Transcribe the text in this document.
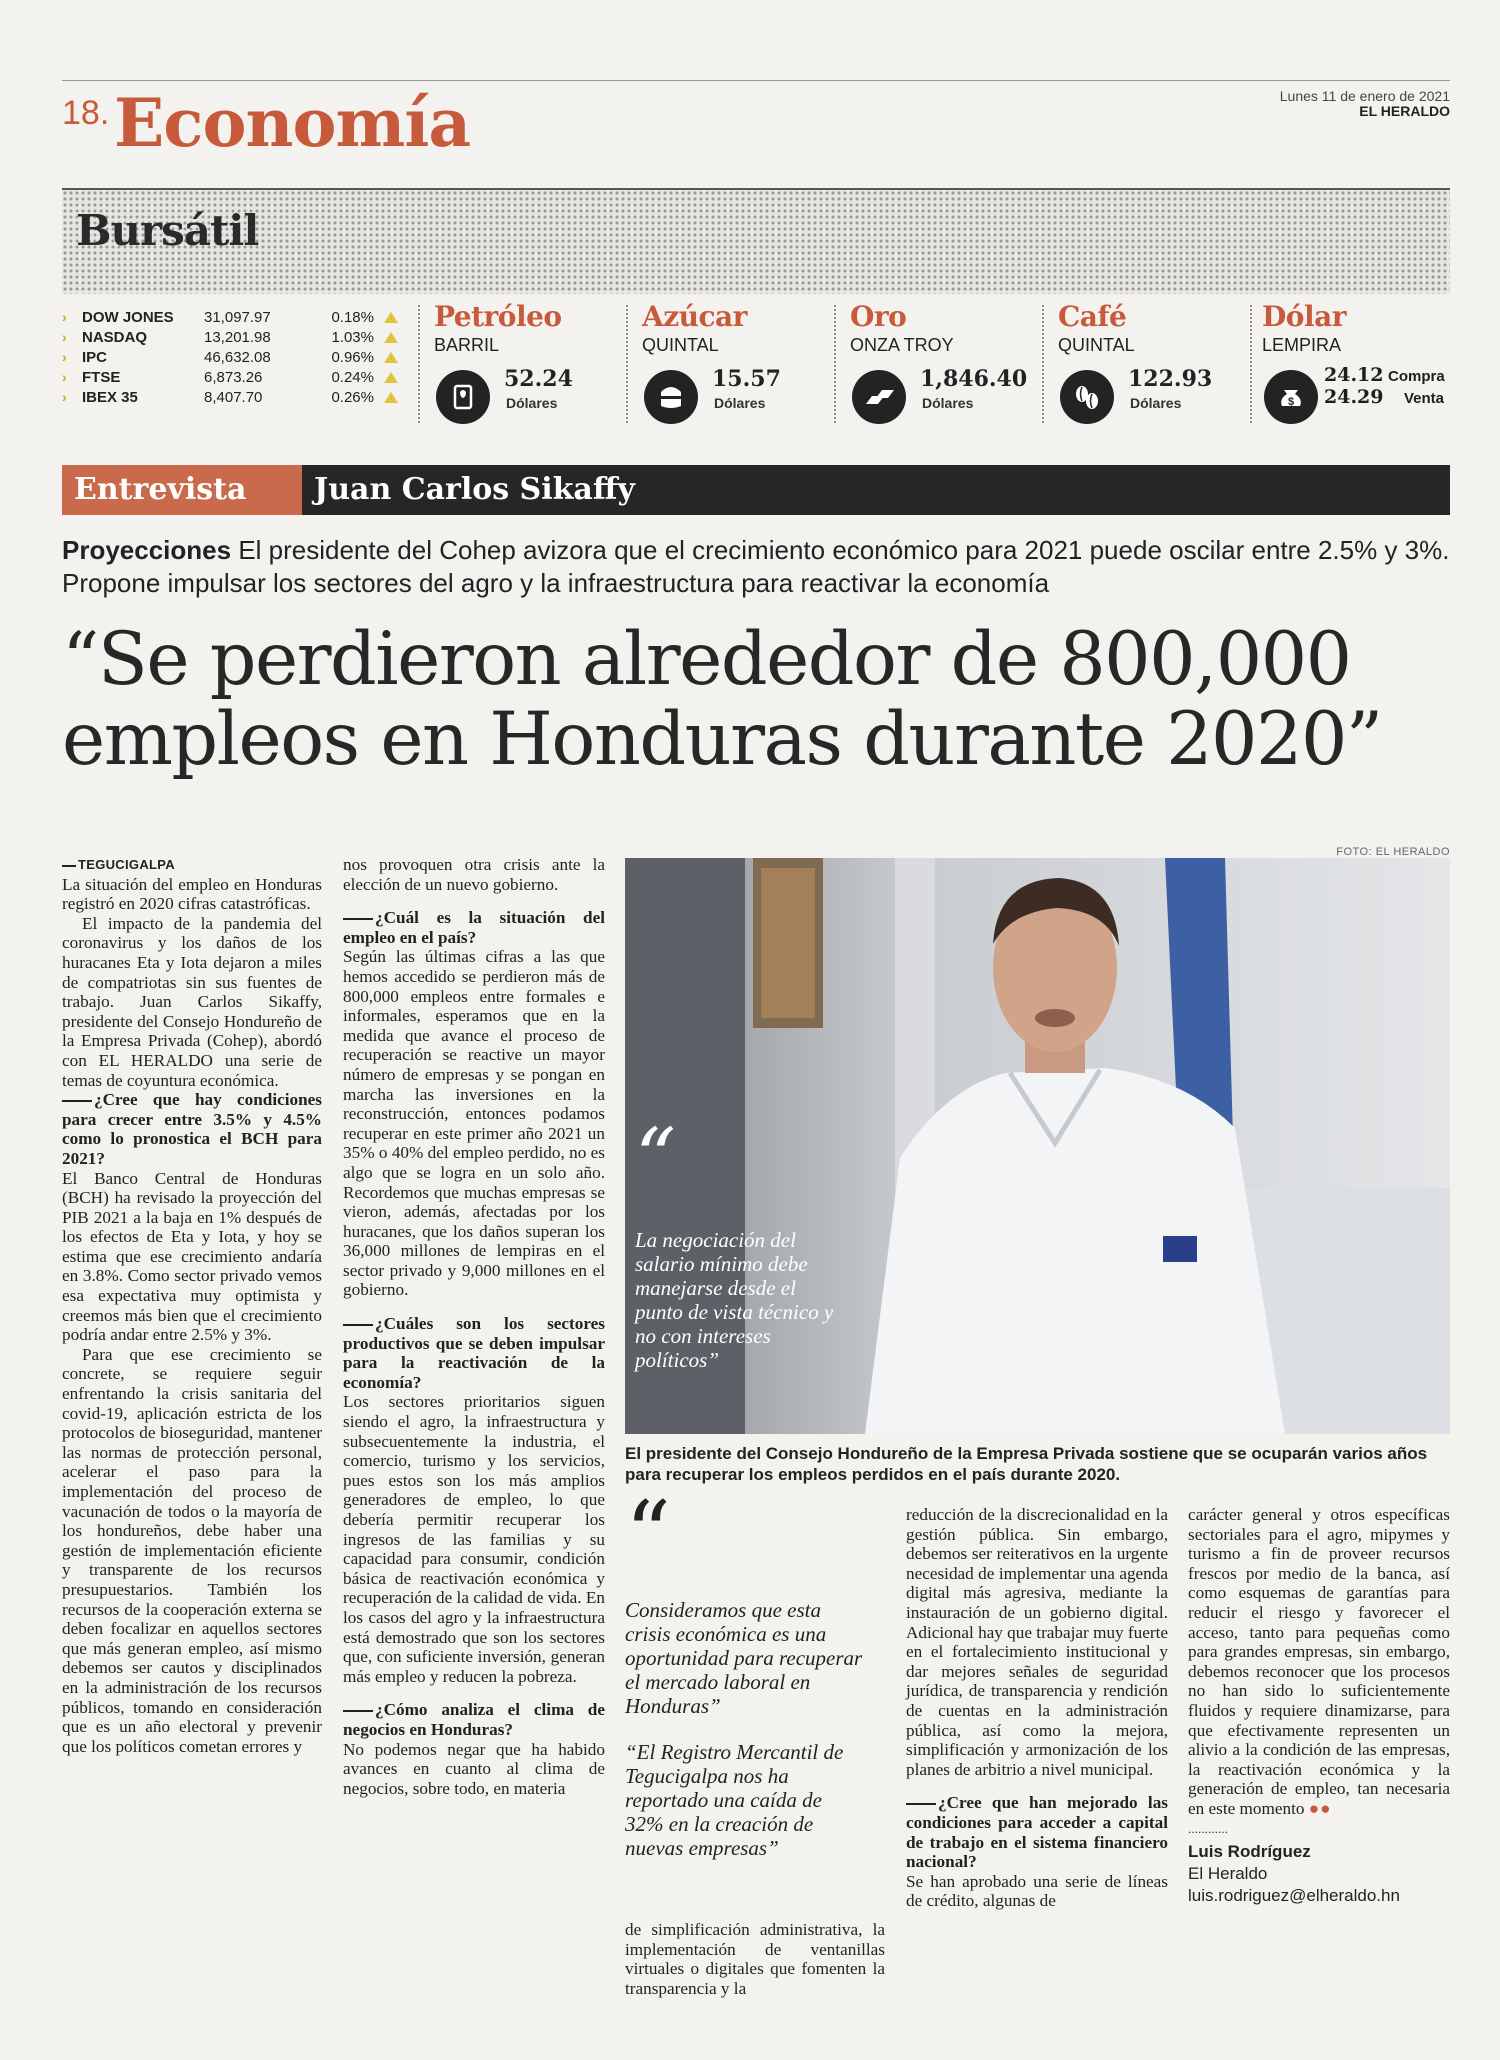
18. Economía	Lunes 11 de enero de 2021
EL HERALDO
Bursátil
›	DOW JONES	31,097.97	0.18%
›	NASDAQ	13,201.98	1.03%
›	IPC	46,632.08	0.96%
›	FTSE	6,873.26	0.24%
›	IBEX 35	8,407.70	0.26%
Petróleo
BARRIL
52.24
Dólares
Azúcar
QUINTAL
15.57
Dólares
Oro
ONZA TROY
1,846.40
Dólares
Café
QUINTAL
122.93
Dólares
Dólar
LEMPIRA
$
24.12 Compra
24.29 Venta
Entrevista	Juan Carlos Sikaffy
Proyecciones El presidente del Cohep avizora que el crecimiento económico para 2021 puede oscilar entre 2.5% y 3%. Propone impulsar los sectores del agro y la infraestructura para reactivar la economía
“Se perdieron alrededor de 800,000 empleos en Honduras durante 2020”
TEGUCIGALPA

La situación del empleo en Honduras registró en 2020 cifras catastróficas.

El impacto de la pandemia del coronavirus y los daños de los huracanes Eta y Iota dejaron a miles de compatriotas sin sus fuentes de trabajo. Juan Carlos Sikaffy, presidente del Consejo Hondureño de la Empresa Privada (Cohep), abordó con EL HERALDO una serie de temas de coyuntura económica.

¿Cree que hay condiciones para crecer entre 3.5% y 4.5% como lo pronostica el BCH para 2021?

El Banco Central de Honduras (BCH) ha revisado la proyección del PIB 2021 a la baja en 1% después de los efectos de Eta y Iota, y hoy se estima que ese crecimiento andaría en 3.8%. Como sector privado vemos esa expectativa muy optimista y creemos más bien que el crecimiento podría andar entre 2.5% y 3%.

Para que ese crecimiento se concrete, se requiere seguir enfrentando la crisis sanitaria del covid-19, aplicación estricta de los protocolos de bioseguridad, mantener las normas de protección personal, acelerar el paso para la implementación del proceso de vacunación de todos o la mayoría de los hondureños, debe haber una gestión de implementación eficiente y transparente de los recursos presupuestarios. También los recursos de la cooperación externa se deben focalizar en aquellos sectores que más generan empleo, así mismo debemos ser cautos y disciplinados en la administración de los recursos públicos, tomando en consideración que es un año electoral y prevenir que los políticos cometan errores y

nos provoquen otra crisis ante la elección de un nuevo gobierno.

¿Cuál es la situación del empleo en el país?

Según las últimas cifras a las que hemos accedido se perdieron más de 800,000 empleos entre formales e informales, esperamos que en la medida que avance el proceso de recuperación se reactive un mayor número de empresas y se pongan en marcha las inversiones en la reconstrucción, entonces podamos recuperar en este primer año 2021 un 35% o 40% del empleo perdido, no es algo que se logra en un solo año. Recordemos que muchas empresas se vieron, además, afectadas por los huracanes, que los daños superan los 36,000 millones de lempiras en el sector privado y 9,000 millones en el gobierno.

¿Cuáles son los sectores productivos que se deben impulsar para la reactivación de la economía?

Los sectores prioritarios siguen siendo el agro, la infraestructura y subsecuentemente la industria, el comercio, turismo y los servicios, pues estos son los más amplios generadores de empleo, lo que debería permitir recuperar los ingresos de las familias y su capacidad para consumir, condición básica de reactivación económica y recuperación de la calidad de vida. En los casos del agro y la infraestructura está demostrado que son los sectores que, con suficiente inversión, generan más empleo y reducen la pobreza.

¿Cómo analiza el clima de negocios en Honduras?

No podemos negar que ha habido avances en cuanto al clima de negocios, sobre todo, en materia

FOTO: EL HERALDO
“
La negociación del salario mínimo debe manejarse desde el punto de vista técnico y no con intereses políticos”
El presidente del Consejo Hondureño de la Empresa Privada sostiene que se ocuparán varios años para recuperar los empleos perdidos en el país durante 2020.
“
Consideramos que esta crisis económica es una oportunidad para recuperar el mercado laboral en Honduras”
“El Registro Mercantil de Tegucigalpa nos ha reportado una caída de 32% en la creación de nuevas empresas”
de simplificación administrativa, la implementación de ventanillas virtuales o digitales que fomenten la transparencia y la

reducción de la discrecionalidad en la gestión pública. Sin embargo, debemos ser reiterativos en la urgente necesidad de implementar una agenda digital más agresiva, mediante la instauración de un gobierno digital. Adicional hay que trabajar muy fuerte en el fortalecimiento institucional y dar mejores señales de seguridad jurídica, de transparencia y rendición de cuentas en la administración pública, así como la mejora, simplificación y armonización de los planes de arbitrio a nivel municipal.

¿Cree que han mejorado las condiciones para acceder a capital de trabajo en el sistema financiero nacional?

Se han aprobado una serie de líneas de crédito, algunas de

carácter general y otros específicas sectoriales para el agro, mipymes y turismo a fin de proveer recursos frescos por medio de la banca, así como esquemas de garantías para reducir el riesgo y favorecer el acceso, tanto para pequeñas como para grandes empresas, sin embargo, debemos reconocer que los procesos no han sido lo suficientemente fluidos y requiere dinamizarse, para que efectivamente representen un alivio a la condición de las empresas, la reactivación económica y la generación de empleo, tan necesaria en este momento ●●

............
Luis Rodríguez
El Heraldo
luis.rodriguez@elheraldo.hn
